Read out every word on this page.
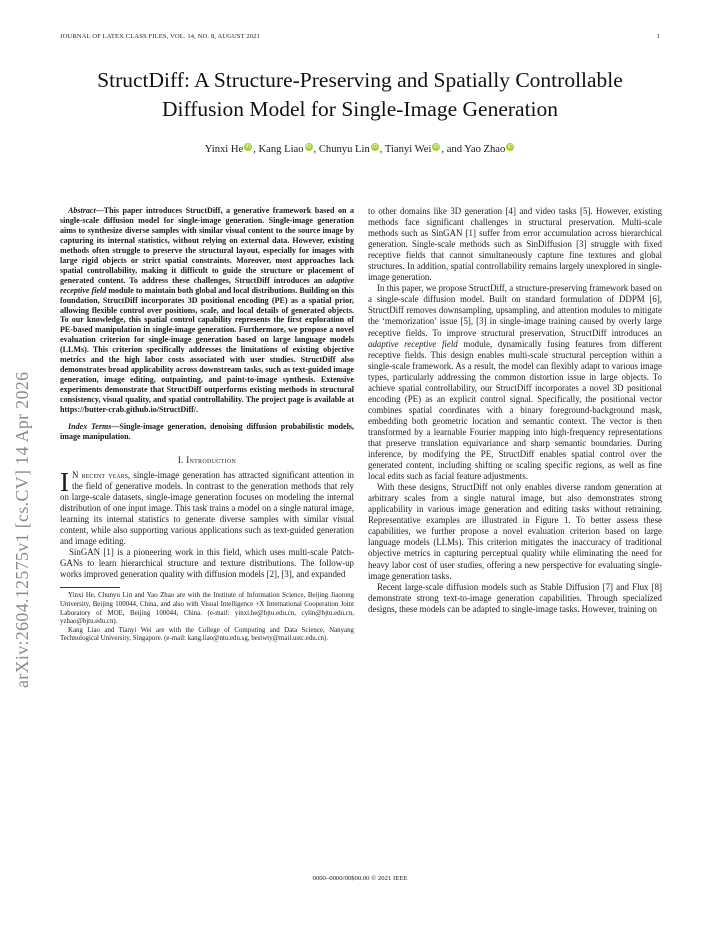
JOURNAL OF LATEX CLASS FILES, VOL. 14, NO. 8, AUGUST 2021	1
arXiv:2604.12575v1 [cs.CV] 14 Apr 2026
StructDiff: A Structure-Preserving and Spatially Controllable
Diffusion Model for Single-Image Generation
Yinxi He iD , Kang Liao iD , Chunyu Lin iD , Tianyi Wei iD , and Yao Zhao iD

Abstract—This paper introduces StructDiff, a generative framework based on a single-scale diffusion model for single-image generation. Single-image generation aims to synthesize diverse samples with similar visual content to the source image by capturing its internal statistics, without relying on external data. However, existing methods often struggle to preserve the structural layout, especially for images with large rigid objects or strict spatial constraints. Moreover, most approaches lack spatial controllability, making it difficult to guide the structure or placement of generated content. To address these challenges, StructDiff introduces an adaptive receptive field module to maintain both global and local distributions. Building on this foundation, StructDiff incorporates 3D positional encoding (PE) as a spatial prior, allowing flexible control over positions, scale, and local details of generated objects. To our knowledge, this spatial control capability represents the first exploration of PE-based manipulation in single-image generation. Furthermore, we propose a novel evaluation criterion for single-image generation based on large language models (LLMs). This criterion specifically addresses the limitations of existing objective metrics and the high labor costs associated with user studies. StructDiff also demonstrates broad applicability across downstream tasks, such as text-guided image generation, image editing, outpainting, and paint-to-image synthesis. Extensive experiments demonstrate that StructDiff outperforms existing methods in structural consistency, visual quality, and spatial controllability. The project page is available at https://butter-crab.github.io/StructDiff/.

Index Terms—Single-image generation, denoising diffusion probabilistic models, image manipulation.

I. Introduction

I N recent years, single-image generation has attracted significant attention in the field of generative models. In contrast to the generation methods that rely on large-scale datasets, single-image generation focuses on modeling the internal distribution of one input image. This task trains a model on a single natural image, learning its internal statistics to generate diverse samples with similar visual content, while also supporting various applications such as text-guided generation and image editing.

SinGAN [1] is a pioneering work in this field, which uses multi-scale Patch-GANs to learn hierarchical structure and texture distributions. The follow-up works improved generation quality with diffusion models [2], [3], and expanded

Yinxi He, Chunyu Lin and Yao Zhao are with the Institute of Information Science, Beijing Jiaotong University, Beijing 100044, China, and also with Visual Intelligence +X International Cooperation Joint Laboratory of MOE, Beijing 100044, China. (e-mail: yinxi.he@bjtu.edu.cn, cylin@bjtu.edu.cn, yzhao@bjtu.edu.cn).

Kang Liao and Tianyi Wei are with the College of Computing and Data Science, Nanyang Technological University, Singapore. (e-mail: kang.liao@ntu.edu.sg, bestwty@mail.ustc.edu.cn).

to other domains like 3D generation [4] and video tasks [5]. However, existing methods face significant challenges in structural preservation. Multi-scale methods such as SinGAN [1] suffer from error accumulation across hierarchical generation. Single-scale methods such as SinDiffusion [3] struggle with fixed receptive fields that cannot simultaneously capture fine textures and global structures. In addition, spatial controllability remains largely unexplored in single-image generation.

In this paper, we propose StructDiff, a structure-preserving framework based on a single-scale diffusion model. Built on standard formulation of DDPM [6], StructDiff removes downsampling, upsampling, and attention modules to mitigate the ‘memorization’ issue [5], [3] in single-image training caused by overly large receptive fields. To improve structural preservation, StructDiff introduces an adaptive receptive field module, dynamically fusing features from different receptive fields. This design enables multi-scale structural perception within a single-scale framework. As a result, the model can flexibly adapt to various image types, particularly addressing the common distortion issue in large objects. To achieve spatial controllability, our StructDiff incorporates a novel 3D positional encoding (PE) as an explicit control signal. Specifically, the positional vector combines spatial coordinates with a binary foreground-background mask, embedding both geometric location and semantic context. The vector is then transformed by a learnable Fourier mapping into high-frequency representations that preserve translation equivariance and sharp semantic boundaries. During inference, by modifying the PE, StructDiff enables spatial control over the generated content, including shifting or scaling specific regions, as well as fine local edits such as facial feature adjustments.

With these designs, StructDiff not only enables diverse random generation at arbitrary scales from a single natural image, but also demonstrates strong applicability in various image generation and editing tasks without retraining. Representative examples are illustrated in Figure 1. To better assess these capabilities, we further propose a novel evaluation criterion based on large language models (LLMs). This criterion mitigates the inaccuracy of traditional objective metrics in capturing perceptual quality while eliminating the need for heavy labor cost of user studies, offering a new perspective for evaluating single-image generation tasks.

Recent large-scale diffusion models such as Stable Diffusion [7] and Flux [8] demonstrate strong text-to-image generation capabilities. Through specialized designs, these models can be adapted to single-image tasks. However, training on

0000–0000/00$00.00 © 2021 IEEE
